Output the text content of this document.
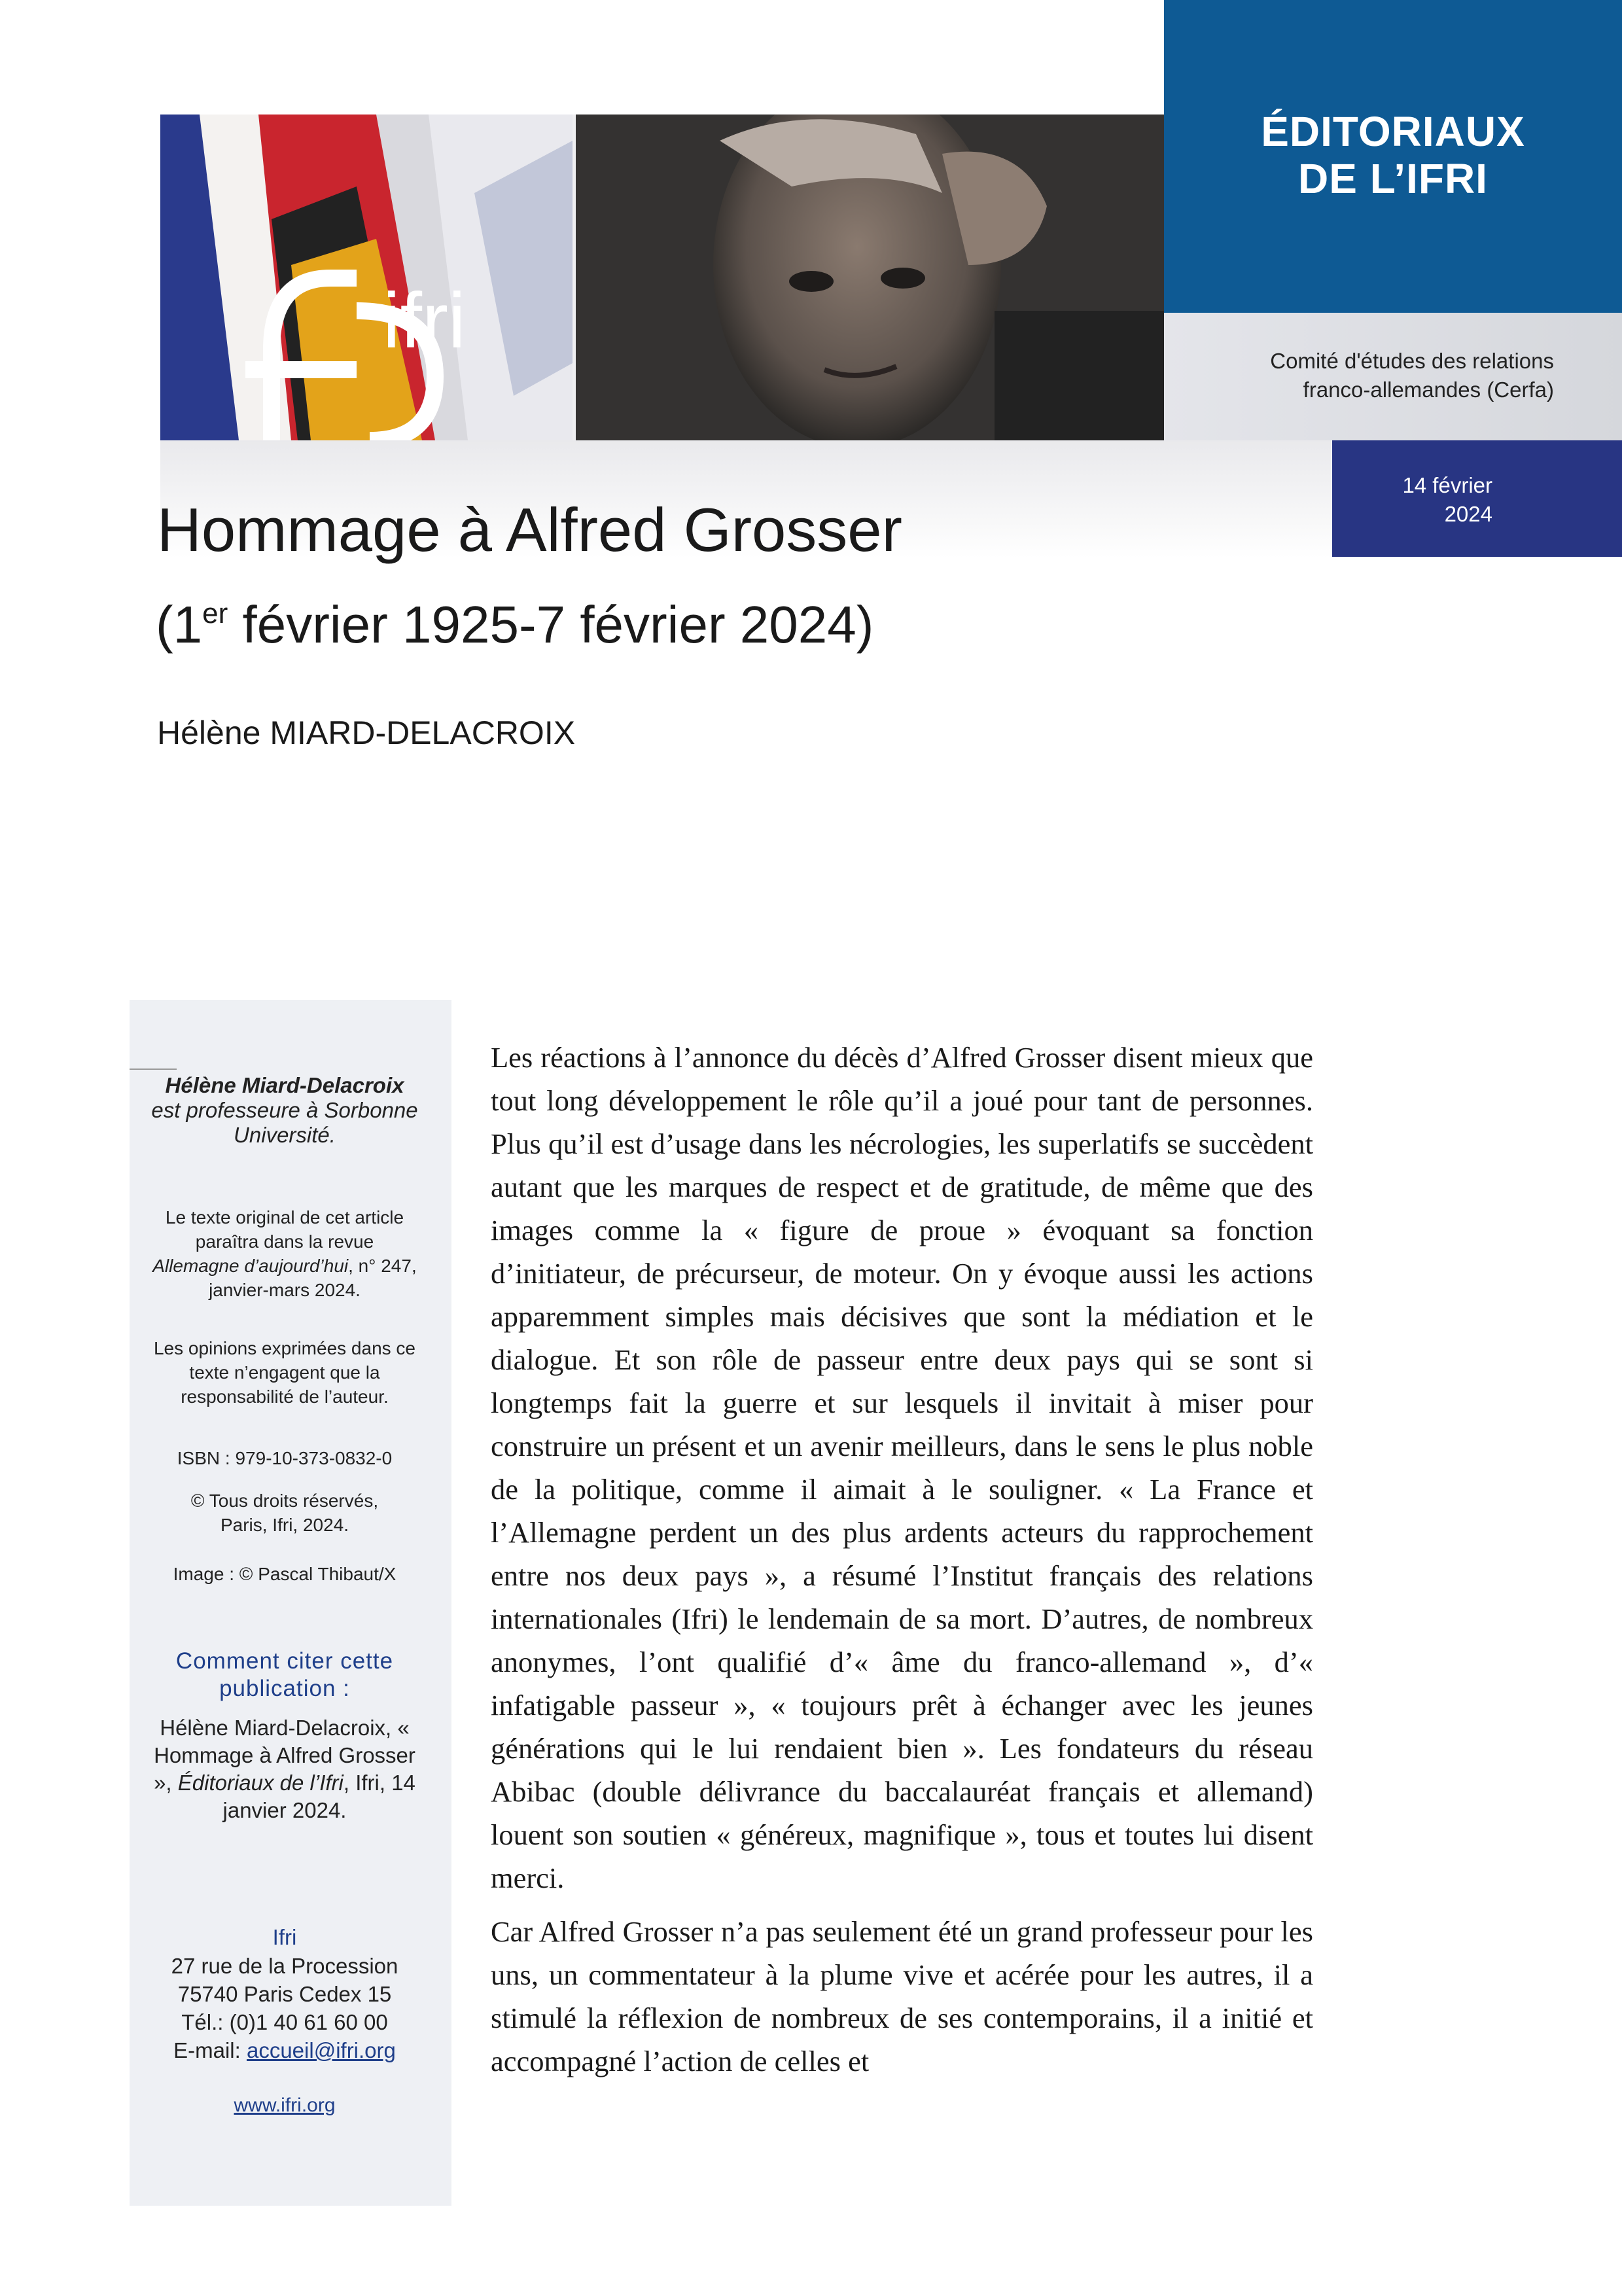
ifri
ÉDITORIAUX
DE L’IFRI
Comité d'études des relations
franco-allemandes (Cerfa)
14 février
2024
Hommage à Alfred Grosser
(1er février 1925-7 février 2024)
Hélène MIARD-DELACROIX
Hélène Miard-Delacroix est professeure à Sorbonne Université.
Le texte original de cet article paraîtra dans la revue Allemagne d’aujourd’hui, n° 247, janvier-mars 2024.
Les opinions exprimées dans ce texte n’engagent que la responsabilité de l’auteur.
ISBN : 979-10-373-0832-0
© Tous droits réservés,
Paris, Ifri, 2024.
Image : © Pascal Thibaut/X
Comment citer cette
publication :
Hélène Miard-Delacroix, « Hommage à Alfred Grosser », Éditoriaux de l’Ifri, Ifri, 14 janvier 2024.
Ifri
27 rue de la Procession
75740 Paris Cedex 15
Tél.: (0)1 40 61 60 00
E-mail: accueil@ifri.org
www.ifri.org

Les réactions à l’annonce du décès d’Alfred Grosser disent mieux que tout long développement le rôle qu’il a joué pour tant de personnes. Plus qu’il est d’usage dans les nécrologies, les superlatifs se succèdent autant que les marques de respect et de gratitude, de même que des images comme la « figure de proue » évoquant sa fonction d’initiateur, de précurseur, de moteur. On y évoque aussi les actions apparemment simples mais décisives que sont la médiation et le dialogue. Et son rôle de passeur entre deux pays qui se sont si longtemps fait la guerre et sur lesquels il invitait à miser pour construire un présent et un avenir meilleurs, dans le sens le plus noble de la politique, comme il aimait à le souligner. « La France et l’Allemagne perdent un des plus ardents acteurs du rapprochement entre nos deux pays », a résumé l’Institut français des relations internationales (Ifri) le lendemain de sa mort. D’autres, de nombreux anonymes, l’ont qualifié d’« âme du franco-allemand », d’« infatigable passeur », « toujours prêt à échanger avec les jeunes générations qui le lui rendaient bien ». Les fondateurs du réseau Abibac (double délivrance du baccalauréat français et allemand) louent son soutien « généreux, magnifique », tous et toutes lui disent merci.

Car Alfred Grosser n’a pas seulement été un grand professeur pour les uns, un commentateur à la plume vive et acérée pour les autres, il a stimulé la réflexion de nombreux de ses contemporains, il a initié et accompagné l’action de celles et
